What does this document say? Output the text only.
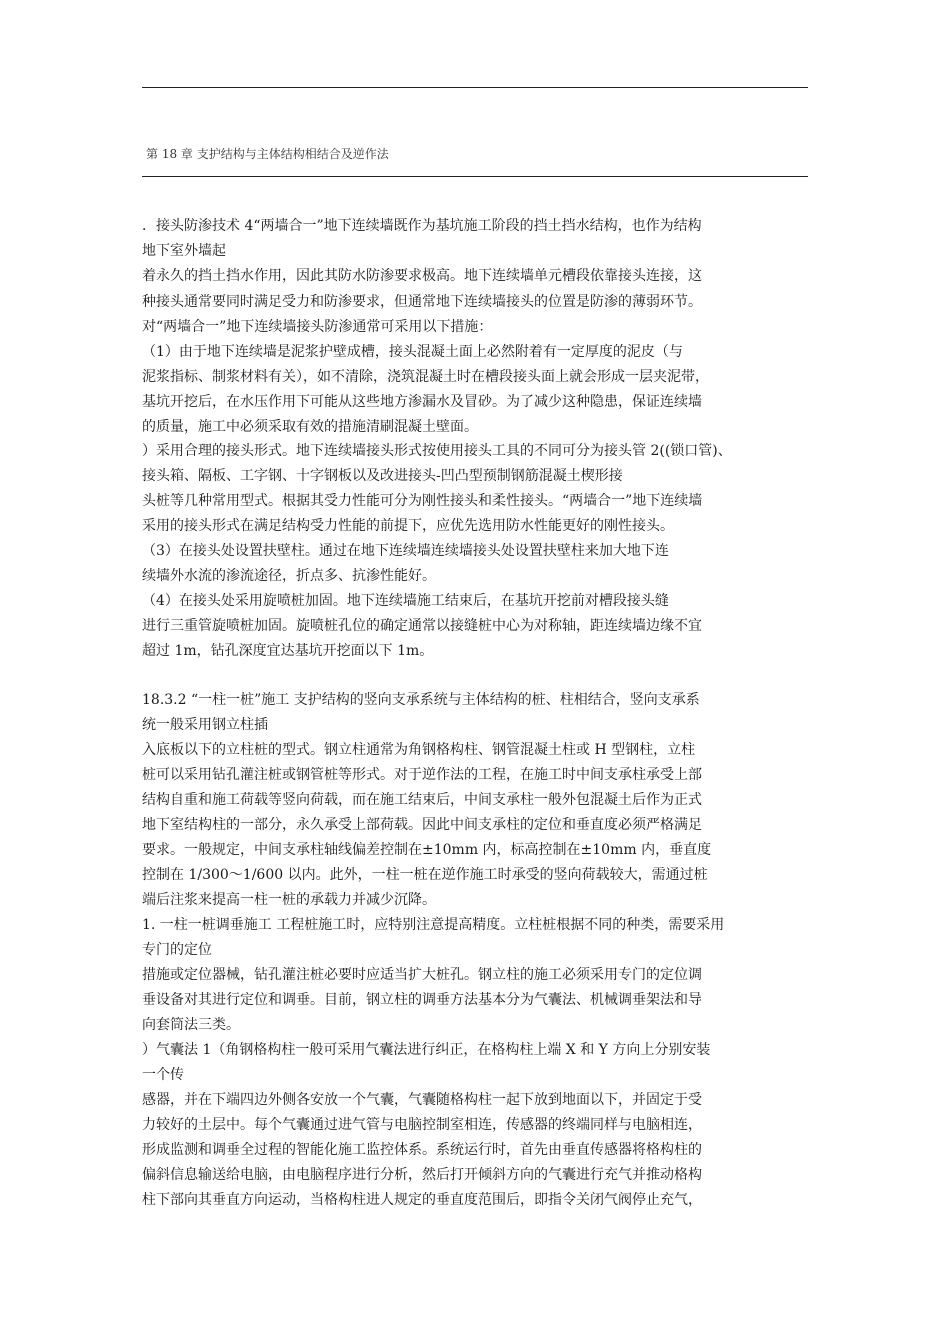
第 18 章 支护结构与主体结构相结合及逆作法
．接头防渗技术 4“两墙合一”地下连续墙既作为基坑施工阶段的挡土挡水结构，也作为结构
地下室外墙起
着永久的挡土挡水作用，因此其防水防渗要求极高。地下连续墙单元槽段依靠接头连接，这
种接头通常要同时满足受力和防渗要求，但通常地下连续墙接头的位置是防渗的薄弱环节。
对“两墙合一”地下连续墙接头防渗通常可采用以下措施：
（1）由于地下连续墙是泥浆护壁成槽，接头混凝土面上必然附着有一定厚度的泥皮（与
泥浆指标、制浆材料有关），如不清除，浇筑混凝土时在槽段接头面上就会形成一层夹泥带，
基坑开挖后，在水压作用下可能从这些地方渗漏水及冒砂。为了减少这种隐患，保证连续墙
的质量，施工中必须采取有效的措施清刷混凝土壁面。
）采用合理的接头形式。地下连续墙接头形式按使用接头工具的不同可分为接头管 2((锁口管)、
接头箱、隔板、工字钢、十字钢板以及改进接头-凹凸型预制钢筋混凝土楔形接
头桩等几种常用型式。根据其受力性能可分为刚性接头和柔性接头。“两墙合一”地下连续墙
采用的接头形式在满足结构受力性能的前提下，应优先选用防水性能更好的刚性接头。
（3）在接头处设置扶壁柱。通过在地下连续墙连续墙接头处设置扶壁柱来加大地下连
续墙外水流的渗流途径，折点多、抗渗性能好。
（4）在接头处采用旋喷桩加固。地下连续墙施工结束后，在基坑开挖前对槽段接头缝
进行三重管旋喷桩加固。旋喷桩孔位的确定通常以接缝桩中心为对称轴，距连续墙边缘不宜
超过 1m，钻孔深度宜达基坑开挖面以下 1m。
18.3.2 “一柱一桩”施工 支护结构的竖向支承系统与主体结构的桩、柱相结合，竖向支承系
统一般采用钢立柱插
入底板以下的立柱桩的型式。钢立柱通常为角钢格构柱、钢管混凝土柱或 H 型钢柱，立柱
桩可以采用钻孔灌注桩或钢管桩等形式。对于逆作法的工程，在施工时中间支承柱承受上部
结构自重和施工荷载等竖向荷载，而在施工结束后，中间支承柱一般外包混凝土后作为正式
地下室结构柱的一部分，永久承受上部荷载。因此中间支承柱的定位和垂直度必须严格满足
要求。一般规定，中间支承柱轴线偏差控制在±10mm 内，标高控制在±10mm 内，垂直度
控制在 1/300～1/600 以内。此外，一柱一桩在逆作施工时承受的竖向荷载较大，需通过桩
端后注浆来提高一柱一桩的承载力并减少沉降。
1. 一柱一桩调垂施工 工程桩施工时，应特别注意提高精度。立柱桩根据不同的种类，需要采用
专门的定位
措施或定位器械，钻孔灌注桩必要时应适当扩大桩孔。钢立柱的施工必须采用专门的定位调
垂设备对其进行定位和调垂。目前，钢立柱的调垂方法基本分为气囊法、机械调垂架法和导
向套筒法三类。
）气囊法 1（角钢格构柱一般可采用气囊法进行纠正，在格构柱上端 X 和 Y 方向上分别安装
一个传
感器，并在下端四边外侧各安放一个气囊，气囊随格构柱一起下放到地面以下，并固定于受
力较好的土层中。每个气囊通过进气管与电脑控制室相连，传感器的终端同样与电脑相连，
形成监测和调垂全过程的智能化施工监控体系。系统运行时，首先由垂直传感器将格构柱的
偏斜信息输送给电脑，由电脑程序进行分析，然后打开倾斜方向的气囊进行充气并推动格构
柱下部向其垂直方向运动，当格构柱进人规定的垂直度范围后，即指令关闭气阀停止充气，
